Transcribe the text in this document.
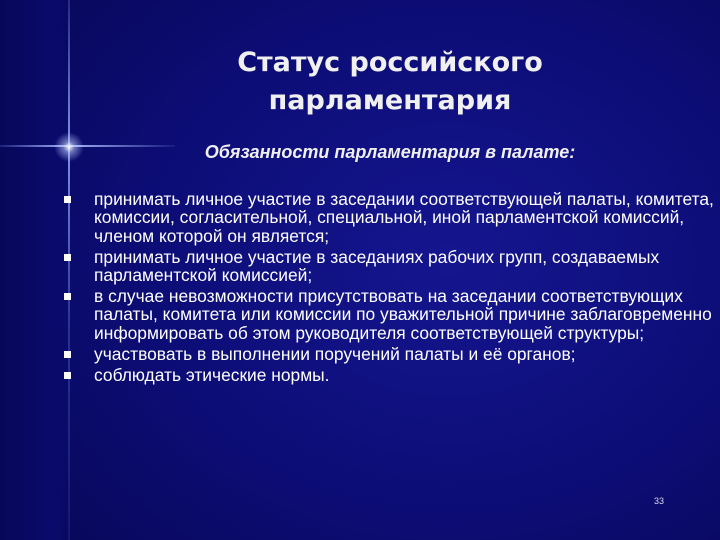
Статус российского парламентария
Обязанности парламентария в палате:
принимать личное участие в заседании соответствующей палаты, комитета, комиссии, согласительной, специальной, иной парламентской комиссий, членом которой он является;
принимать личное участие в заседаниях рабочих групп, создаваемых парламентской комиссией;
в случае невозможности присутствовать на заседании соответствующих палаты, комитета или комиссии по уважительной причине заблаговременно информировать об этом руководителя соответствующей структуры;
участвовать в выполнении поручений палаты и её органов;
соблюдать этические нормы.
33
